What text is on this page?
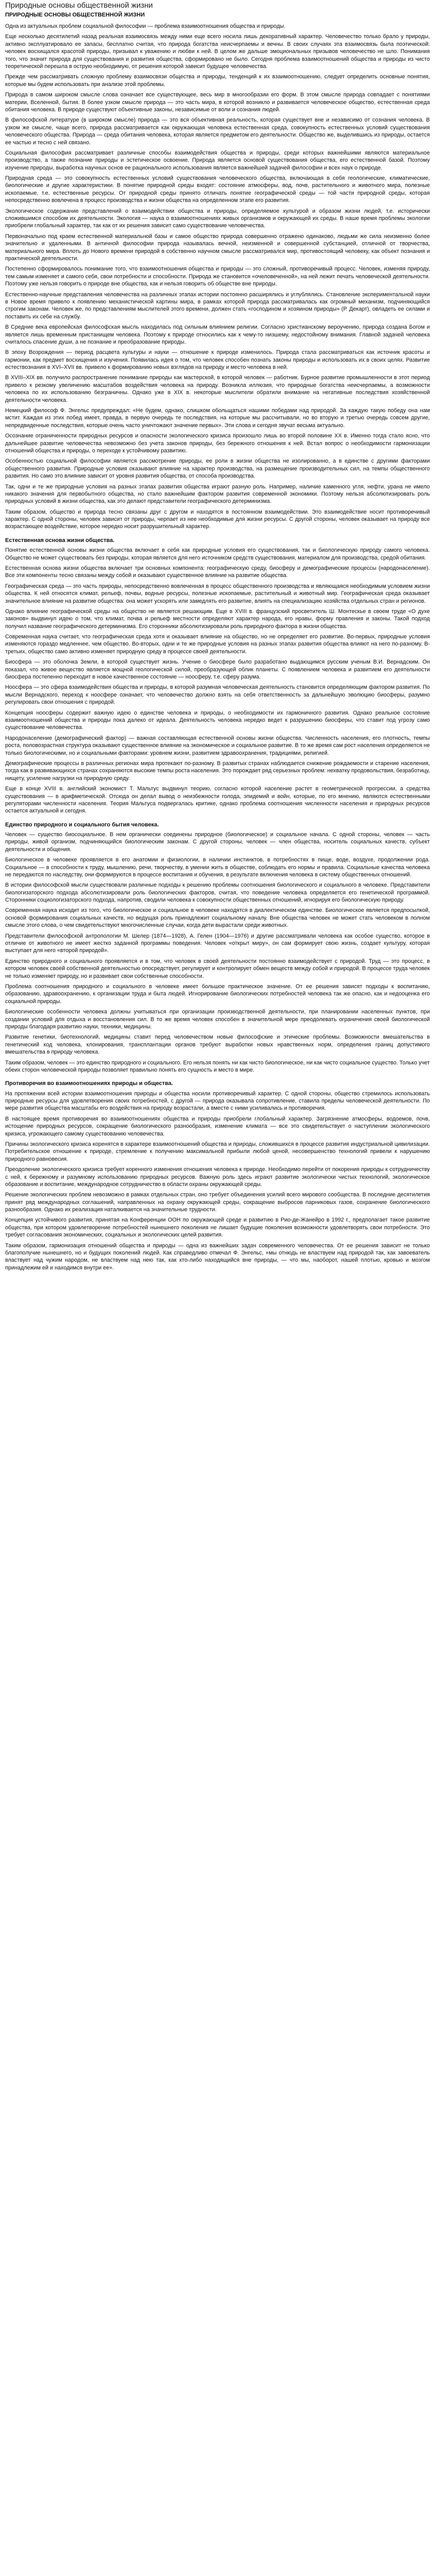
Природные основы общественной жизни
ПРИРОДНЫЕ ОСНОВЫ ОБЩЕСТВЕННОЙ ЖИЗНИ

Одна из актуальных проблем социальной философии — проблема взаимоотношения общества и природы.

Еще несколько десятилетий назад реальная взаимосвязь между ними еще всего носила лишь декоративный характер. Человечество только брало у природы, активно эксплуатировало ее запасы, бесплатно считая, что природа богатства неисчерпаемы и вечны. В своих случаях эта взаимосвязь была поэтической: человек восхищался красотой природы, призывал к уважению и любви к ней. В целом же дальше эмоциональных призывов человечество не шло. Понимания того, что значит природа для существования и развития общества, сформировано не было. Сегодня проблема взаимоотношений общества и природы из чисто теоретической перешла в острую необходимую, от решения которой зависит будущее человечества.

Прежде чем рассматривать сложную проблему взаимосвязи общества и природы, тенденций к их взаимоотношению, следует определить основные понятия, которые мы будем использовать при анализе этой проблемы.

Природа в самом широком смысле слова означает все существующее, весь мир в многообразии его форм. В этом смысле природа совпадает с понятиями материи, Вселенной, бытия. В более узком смысле природа — это часть мира, в которой возникло и развивается человеческое общество, естественная среда обитания человека. В природе существуют объективные законы, независимые от воли и сознания людей.

В философской литературе (в широком смысле) природа — это вся объективная реальность, которая существует вне и независимо от сознания человека. В узком же смысле, чаще всего, природа рассматривается как окружающая человека естественная среда, совокупность естественных условий существования человеческого общества. Природа — среда обитания человека, которая является предметом его деятельности. Общество же, выделившись из природы, остается ее частью и тесно с ней связано.

Социальная философия рассматривает различные способы взаимодействия общества и природы, среди которых важнейшими являются материальное производство, а также познание природы и эстетическое освоение. Природа является основой существования общества, его естественной базой. Поэтому изучение природы, выработка научных основ ее рационального использования является важнейшей задачей философии и всех наук о природе.

Природная среда — это совокупность естественных условий существования человеческого общества, включающая в себя геологические, климатические, биологические и другие характеристики. В понятие природной среды входят: состояние атмосферы, вод, почв, растительного и животного мира, полезные ископаемые, т.е. естественные ресурсы. От природной среды принято отличать понятие географической среды — той части природной среды, которая непосредственно вовлечена в процесс производства и жизни общества на определенном этапе его развития.

Экологическое содержание представлений о взаимодействии общества и природы, определяемое культурой и образом жизни людей, т.е. исторически сложившимся способом их деятельности. Экология — наука о взаимоотношениях живых организмов и окружающей их среды. В наше время проблемы экологии приобрели глобальный характер, так как от их решения зависит само существование человечества.

Первоначально под краем естественной материальной базы и самое общество природа совершенно отражено одинаково, людьми же сила неизменно более значительно и удаленными. В античной философии природа называлась вечной, неизменной и совершенной субстанцией, отличной от творчества, материального мира. Вплоть до Нового времени природой в собственно научном смысле рассматривался мир, противостоящий человеку, как объект познания и практической деятельности.

Постепенно сформировалось понимание того, что взаимоотношения общества и природы — это сложный, противоречивый процесс. Человек, изменяя природу, тем самым изменяет и самого себя, свои потребности и способности. Природа же становится «очеловеченной», на ней лежит печать человеческой деятельности. Поэтому уже нельзя говорить о природе вне общества, как и нельзя говорить об обществе вне природы.

Естественно-научные представления человечества на различных этапах истории постоянно расширялись и углублялись. Становление экспериментальной науки в Новое время привело к появлению механистической картины мира, в рамках которой природа рассматривалась как огромный механизм, подчиняющийся строгим законам. Человек же, по представлениям мыслителей этого времени, должен стать «господином и хозяином природы» (Р. Декарт), овладеть ее силами и поставить их себе на службу.

В Средние века европейская философская мысль находилась под сильным влиянием религии. Согласно христианскому вероучению, природа создана Богом и является лишь временным пристанищем человека. Поэтому к природе относились как к чему-то низшему, недостойному внимания. Главной задачей человека считалось спасение души, а не познание и преобразование природы.

В эпоху Возрождения — период расцвета культуры и науки — отношение к природе изменилось. Природа стала рассматриваться как источник красоты и гармонии, как предмет восхищения и изучения. Появилась идея о том, что человек способен познать законы природы и использовать их в своих целях. Развитие естествознания в XVI–XVII вв. привело к формированию новых взглядов на природу и место человека в ней.

В XVIII–XIX вв. получило распространение понимание природы как мастерской, в которой человек — работник. Бурное развитие промышленности в этот период привело к резкому увеличению масштабов воздействия человека на природу. Возникла иллюзия, что природные богатства неисчерпаемы, а возможности человека по их использованию безграничны. Однако уже в XIX в. некоторые мыслители обратили внимание на негативные последствия хозяйственной деятельности человека.

Немецкий философ Ф. Энгельс предупреждал: «Не будем, однако, слишком обольщаться нашими победами над природой. За каждую такую победу она нам мстит. Каждая из этих побед имеет, правда, в первую очередь те последствия, на которые мы рассчитывали, но во вторую и третью очередь совсем другие, непредвиденные последствия, которые очень часто уничтожают значение первых». Эти слова и сегодня звучат весьма актуально.

Осознание ограниченности природных ресурсов и опасности экологического кризиса произошло лишь во второй половине XX в. Именно тогда стало ясно, что дальнейшее развитие человечества невозможно без учета законов природы, без бережного отношения к ней. Встал вопрос о необходимости гармонизации отношений общества и природы, о переходе к устойчивому развитию.

Особенностью социальной философии является рассмотрение природы, ее роли в жизни общества не изолированно, а в единстве с другими факторами общественного развития. Природные условия оказывают влияние на характер производства, на размещение производительных сил, на темпы общественного развития. Но само это влияние зависит от уровня развития общества, от способа производства.

Так, одни и те же природные условия на разных этапах развития общества играют разную роль. Например, наличие каменного угля, нефти, урана не имело никакого значения для первобытного общества, но стало важнейшим фактором развития современной экономики. Поэтому нельзя абсолютизировать роль природных условий в жизни общества, как это делают представители географического детерминизма.

Таким образом, общество и природа тесно связаны друг с другом и находятся в постоянном взаимодействии. Это взаимодействие носит противоречивый характер. С одной стороны, человек зависит от природы, черпает из нее необходимые для жизни ресурсы. С другой стороны, человек оказывает на природу все возрастающее воздействие, которое нередко носит разрушительный характер.

Естественная основа жизни общества.

Понятие естественной основы жизни общества включает в себя как природные условия его существования, так и биологическую природу самого человека. Общество не может существовать без природы, которая является для него источником средств существования, материалом для производства, средой обитания.

Естественная основа жизни общества включает три основных компонента: географическую среду, биосферу и демографические процессы (народонаселение). Все эти компоненты тесно связаны между собой и оказывают существенное влияние на развитие общества.

Географическая среда — это часть природы, непосредственно вовлеченная в процесс общественного производства и являющаяся необходимым условием жизни общества. К ней относятся климат, рельеф, почвы, водные ресурсы, полезные ископаемые, растительный и животный мир. Географическая среда оказывает значительное влияние на развитие общества: она может ускорять или замедлять его развитие, влиять на специализацию хозяйства отдельных стран и регионов.

Однако влияние географической среды на общество не является решающим. Еще в XVIII в. французский просветитель Ш. Монтескье в своем труде «О духе законов» выдвинул идею о том, что климат, почва и рельеф местности определяют характер народа, его нравы, форму правления и законы. Такой подход получил название географического детерминизма. Его сторонники абсолютизировали роль природного фактора в жизни общества.

Современная наука считает, что географическая среда хотя и оказывает влияние на общество, но не определяет его развитие. Во-первых, природные условия изменяются гораздо медленнее, чем общество. Во-вторых, одни и те же природные условия на разных этапах развития общества влияют на него по-разному. В-третьих, общество само активно изменяет природную среду в процессе своей деятельности.

Биосфера — это оболочка Земли, в которой существует жизнь. Учение о биосфере было разработано выдающимся русским ученым В.И. Вернадским. Он показал, что живое вещество является мощной геологической силой, преобразующей облик планеты. С появлением человека и развитием его деятельности биосфера постепенно переходит в новое качественное состояние — ноосферу, т.е. сферу разума.

Ноосфера — это сфера взаимодействия общества и природы, в которой разумная человеческая деятельность становится определяющим фактором развития. По мысли Вернадского, переход к ноосфере означает, что человечество должно взять на себя ответственность за дальнейшую эволюцию биосферы, разумно регулировать свои отношения с природой.

Концепция ноосферы содержит важную идею о единстве человека и природы, о необходимости их гармоничного развития. Однако реальное состояние взаимоотношений общества и природы пока далеко от идеала. Деятельность человека нередко ведет к разрушению биосферы, что ставит под угрозу само существование человечества.

Народонаселение (демографический фактор) — важная составляющая естественной основы жизни общества. Численность населения, его плотность, темпы роста, половозрастная структура оказывают существенное влияние на экономическое и социальное развитие. В то же время сам рост населения определяется не только биологическими, но и социальными факторами: уровнем жизни, развитием здравоохранения, традициями, религией.

Демографические процессы в различных регионах мира протекают по-разному. В развитых странах наблюдается снижение рождаемости и старение населения, тогда как в развивающихся странах сохраняются высокие темпы роста населения. Это порождает ряд серьезных проблем: нехватку продовольствия, безработицу, нищету, усиление нагрузки на природную среду.

Еще в конце XVIII в. английский экономист Т. Мальтус выдвинул теорию, согласно которой население растет в геометрической прогрессии, а средства существования — в арифметической. Отсюда он делал вывод о неизбежности голода, эпидемий и войн, которые, по его мнению, являются естественными регуляторами численности населения. Теория Мальтуса подвергалась критике, однако проблема соотношения численности населения и природных ресурсов остается актуальной и сегодня.

Единство природного и социального бытия человека.

Человек — существо биосоциальное. В нем органически соединены природное (биологическое) и социальное начала. С одной стороны, человек — часть природы, живой организм, подчиняющийся биологическим законам. С другой стороны, человек — член общества, носитель социальных качеств, субъект деятельности и общения.

Биологическое в человеке проявляется в его анатомии и физиологии, в наличии инстинктов, в потребностях в пище, воде, воздухе, продолжении рода. Социальное — в способности к труду, мышлению, речи, творчеству, в умении жить в обществе, соблюдать его нормы и правила. Социальные качества человека не передаются по наследству, они формируются в процессе воспитания и обучения, в результате включения человека в систему общественных отношений.

В истории философской мысли существовали различные подходы к решению проблемы соотношения биологического и социального в человеке. Представители биологизаторского подхода абсолютизировали роль биологических факторов, считая, что поведение человека определяется его генетической программой. Сторонники социологизаторского подхода, напротив, сводили человека к совокупности общественных отношений, игнорируя его биологическую природу.

Современная наука исходит из того, что биологическое и социальное в человеке находятся в диалектическом единстве. Биологическое является предпосылкой, основой формирования социальных качеств, но ведущая роль принадлежит социальному началу. Вне общества человек не может стать человеком в полном смысле этого слова, о чем свидетельствуют многочисленные случаи, когда дети вырастали среди животных.

Представители философской антропологии М. Шелер (1874—1928), А. Гелен (1904—1976) и другие рассматривали человека как особое существо, которое в отличие от животного не имеет жестко заданной программы поведения. Человек «открыт миру», он сам формирует свою жизнь, создает культуру, которая выступает для него «второй природой».

Единство природного и социального проявляется и в том, что человек в своей деятельности постоянно взаимодействует с природой. Труд — это процесс, в котором человек своей собственной деятельностью опосредствует, регулирует и контролирует обмен веществ между собой и природой. В процессе труда человек не только изменяет природу, но и развивает свои собственные способности.

Проблема соотношения природного и социального в человеке имеет большое практическое значение. От ее решения зависят подходы к воспитанию, образованию, здравоохранению, к организации труда и быта людей. Игнорирование биологических потребностей человека так же опасно, как и недооценка его социальной природы.

Биологические особенности человека должны учитываться при организации производственной деятельности, при планировании населенных пунктов, при создании условий для отдыха и восстановления сил. В то же время человек способен в значительной мере преодолевать ограничения своей биологической природы благодаря развитию науки, техники, медицины.

Развитие генетики, биотехнологий, медицины ставит перед человечеством новые философские и этические проблемы. Возможности вмешательства в генетический код человека, клонирования, трансплантации органов требуют выработки новых нравственных норм, определения границ допустимого вмешательства в природу человека.

Таким образом, человек — это единство природного и социального. Его нельзя понять ни как чисто биологическое, ни как чисто социальное существо. Только учет обеих сторон человеческой природы позволяет правильно понять его сущность и место в мире.

Противоречия во взаимоотношениях природы и общества.

На протяжении всей истории взаимоотношения природы и общества носили противоречивый характер. С одной стороны, общество стремилось использовать природные ресурсы для удовлетворения своих потребностей, с другой — природа оказывала сопротивление, ставила пределы человеческой деятельности. По мере развития общества масштабы его воздействия на природу возрастали, а вместе с ними усиливались и противоречия.

В настоящее время противоречия во взаимоотношениях общества и природы приобрели глобальный характер. Загрязнение атмосферы, водоемов, почв, истощение природных ресурсов, сокращение биологического разнообразия, изменение климата — все это свидетельствует о наступлении экологического кризиса, угрожающего самому существованию человечества.

Причины экологического кризиса коренятся в характере взаимоотношений общества и природы, сложившихся в процессе развития индустриальной цивилизации. Потребительское отношение к природе, стремление к получению максимальной прибыли любой ценой, несовершенство технологий привели к нарушению природного равновесия.

Преодоление экологического кризиса требует коренного изменения отношения человека к природе. Необходимо перейти от покорения природы к сотрудничеству с ней, к бережному и разумному использованию природных ресурсов. Важную роль здесь играют развитие экологически чистых технологий, экологическое образование и воспитание, международное сотрудничество в области охраны окружающей среды.

Решение экологических проблем невозможно в рамках отдельных стран, оно требует объединения усилий всего мирового сообщества. В последние десятилетия принят ряд международных соглашений, направленных на охрану окружающей среды, сокращение выбросов парниковых газов, сохранение биологического разнообразия. Однако их реализация наталкивается на значительные трудности.

Концепция устойчивого развития, принятая на Конференции ООН по окружающей среде и развитию в Рио-де-Жанейро в 1992 г., предполагает такое развитие общества, при котором удовлетворение потребностей нынешнего поколения не лишает будущие поколения возможности удовлетворять свои потребности. Это требует согласования экономических, социальных и экологических целей развития.

Таким образом, гармонизация отношений общества и природы — одна из важнейших задач современного человечества. От ее решения зависит не только благополучие нынешнего, но и будущих поколений людей. Как справедливо отмечал Ф. Энгельс, «мы отнюдь не властвуем над природой так, как завоеватель властвует над чужим народом, не властвуем над нею так, как кто-либо находящийся вне природы, — что мы, наоборот, нашей плотью, кровью и мозгом принадлежим ей и находимся внутри ее».
